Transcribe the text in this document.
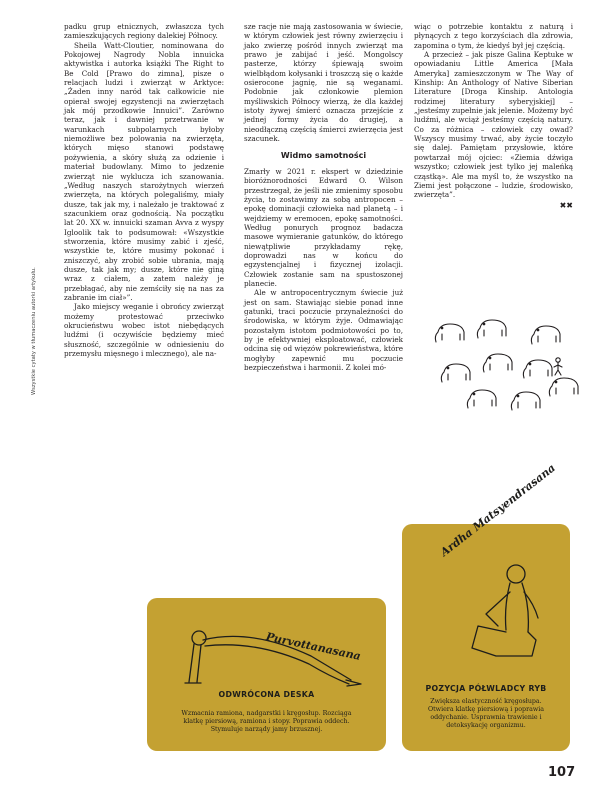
padku grup etnicznych, zwłaszcza tych zamieszkujących regiony dalekiej Północy.

Sheila Watt-Cloutier, nominowana do Pokojowej Nagrody Nobla innuicka aktywistka i autorka książki The Right to Be Cold [Prawo do zimna], pisze o relacjach ludzi i zwierząt w Arktyce: „Żaden inny naród tak całkowicie nie opierał swojej egzystencji na zwierzętach jak mój przodkowie Innuici”. Zarówno teraz, jak i dawniej przetrwanie w warunkach subpolarnych byłoby niemożliwe bez polowania na zwierzęta, których mięso stanowi podstawę pożywienia, a skóry służą za odzienie i materiał budowlany. Mimo to jedzenie zwierząt nie wyklucza ich szanowania. „Według naszych starożytnych wierzeń zwierzęta, na których polegaliśmy, miały dusze, tak jak my, i należało je traktować z szacunkiem oraz godnością. Na początku lat 20. XX w. innuicki szaman Avva z wyspy Igloolik tak to podsumował: «Wszystkie stworzenia, które musimy zabić i zjeść, wszystkie te, które musimy pokonać i zniszczyć, aby zrobić sobie ubrania, mają dusze, tak jak my; dusze, które nie giną wraz z ciałem, a zatem należy je przebłagać, aby nie zemściły się na nas za zabranie im ciał»”.

Jako miejscy weganie i obrońcy zwierząt możemy protestować przeciwko okrucieństwu wobec istot niebędących ludźmi (i oczywiście będziemy mieć słuszność, szczególnie w odniesieniu do przemysłu mięsnego i mlecznego), ale na-

sze racje nie mają zastosowania w świecie, w którym człowiek jest równy zwierzęciu i jako zwierzę pośród innych zwierząt ma prawo je zabijać i jeść. Mongolscy pasterze, którzy śpiewają swoim wielbłądom kołysanki i troszczą się o każde osieroconе jagnię, nie są weganami. Podobnie jak członkowie plemion myśliwskich Północy wierzą, że dla każdej istoty żywej śmierć oznacza przejście z jednej formy życia do drugiej, a nieodłączną częścią śmierci zwierzęcia jest szacunek.

Widmo samotności

Zmarły w 2021 r. ekspert w dziedzinie bioróżnorodności Edward O. Wilson przestrzegał, że jeśli nie zmienimy sposobu życia, to zostawimy za sobą antropocen – epokę dominacji człowieka nad planetą – i wejdziemy w eremocen, epokę samotności. Według ponurych prognoz badacza masowe wymieranie gatunków, do którego niewątpliwie przykładamy rękę, doprowadzi nas w końcu do egzystencjalnej i fizycznej izolacji. Człowiek zostanie sam na spustoszonej planecie.

Ale w antropocentrycznym świecie już jest on sam. Stawiając siebie ponad inne gatunki, traci poczucie przynależności do środowiska, w którym żyje. Odmawiając pozostałym istotom podmiotowości po to, by je efektywniej eksploatować, człowiek odcina się od więzów pokrewieństwa, które mogłyby zapewnić mu poczucie bezpieczeństwa i harmonii. Z kolei mó-

wiąc o potrzebie kontaktu z naturą i płynących z tego korzyściach dla zdrowia, zapomina o tym, że kiedyś był jej częścią.

A przecież – jak pisze Galina Keptuke w opowiadaniu Little America [Mała Ameryka] zamieszczonym w The Way of Kinship: An Anthology of Native Siberian Literature [Droga Kinship. Antologia rodzimej literatury syberyjskiej] – „jesteśmy zupełnie jak jelenie. Możemy być ludźmi, ale wciąż jesteśmy częścią natury. Co za różnica – człowiek czy owad? Wszyscy musimy trwać, aby życie toczyło się dalej. Pamiętam przysłowie, które powtarzał mój ojciec: «Ziemia dźwiga wszystko; człowiek jest tylko jej maleńką cząstką». Ale ma myśl to, że wszystko na Ziemi jest połączone – ludzie, środowisko, zwierzęta”.

✖✖
Wszystkie cytaty w tłumaczeniu autorki artykułu.
Purvottanasana
ODWRÓCONA DESKA
Wzmacnia ramiona, nadgarstki i kręgosłup. Rozciąga klatkę piersiową, ramiona i stopy. Poprawia oddech. Stymuluje narządy jamy brzusznej.
Ardha Matsyendrasana
POZYCJA PÓŁWLADCY RYB
Zwiększa elastyczność kręgosłupa. Otwiera klatkę piersiową i poprawia oddychanie. Usprawnia trawienie i detoksykację organizmu.
107
